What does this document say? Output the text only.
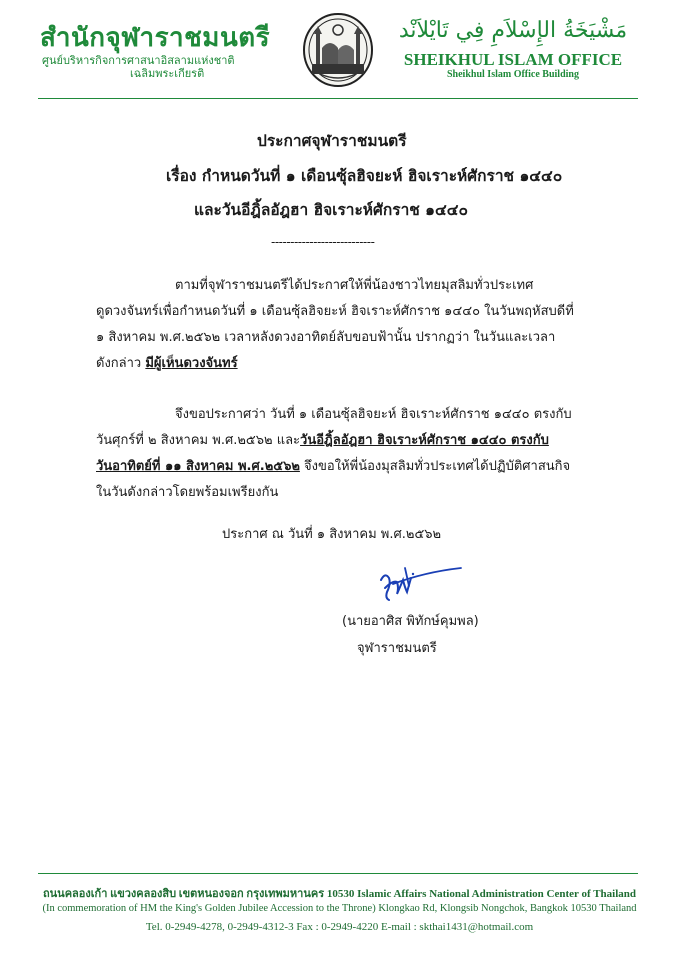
สำนักจุฬาราชมนตรี
ศูนย์บริหารกิจการศาสนาอิสลามแห่งชาติ
เฉลิมพระเกียรติ
مَشْيَخَةُ الإِسْلاَمِ فِي تَايْلاَنْد
SHEIKHUL ISLAM OFFICE
Sheikhul Islam Office Building
ประกาศจุฬาราชมนตรี
เรื่อง กำหนดวันที่ ๑ เดือนซุ้ลฮิจยะห์ ฮิจเราะห์ศักราช ๑๔๔๐
และวันอีฎิ้ลอัฎฮา ฮิจเราะห์ศักราช ๑๔๔๐
---------------------------
ตามที่จุฬาราชมนตรีได้ประกาศให้พี่น้องชาวไทยมุสลิมทั่วประเทศ
ดูดวงจันทร์เพื่อกำหนดวันที่ ๑ เดือนซุ้ลฮิจยะห์ ฮิจเราะห์ศักราช ๑๔๔๐ ในวันพฤหัสบดีที่
๑ สิงหาคม พ.ศ.๒๕๖๒ เวลาหลังดวงอาทิตย์ลับขอบฟ้านั้น ปรากฏว่า ในวันและเวลา
ดังกล่าว มีผู้เห็นดวงจันทร์
จึงขอประกาศว่า วันที่ ๑ เดือนซุ้ลฮิจยะห์ ฮิจเราะห์ศักราช ๑๔๔๐ ตรงกับ
วันศุกร์ที่ ๒ สิงหาคม พ.ศ.๒๕๖๒ และวันอีฎิ้ลอัฎฮา ฮิจเราะห์ศักราช ๑๔๔๐ ตรงกับ
วันอาทิตย์ที่ ๑๑ สิงหาคม พ.ศ.๒๕๖๒ จึงขอให้พี่น้องมุสลิมทั่วประเทศได้ปฏิบัติศาสนกิจ
ในวันดังกล่าวโดยพร้อมเพรียงกัน
ประกาศ ณ วันที่ ๑ สิงหาคม พ.ศ.๒๕๖๒
(นายอาศิส พิทักษ์คุมพล)
จุฬาราชมนตรี
ถนนคลองเก้า แขวงคลองสิบ เขตหนองจอก กรุงเทพมหานคร 10530 Islamic Affairs National Administration Center of Thailand
(In commemoration of HM the King's Golden Jubilee Accession to the Throne) Klongkao Rd, Klongsib Nongchok, Bangkok 10530 Thailand
Tel. 0-2949-4278, 0-2949-4312-3 Fax : 0-2949-4220 E-mail : skthai1431@hotmail.com
